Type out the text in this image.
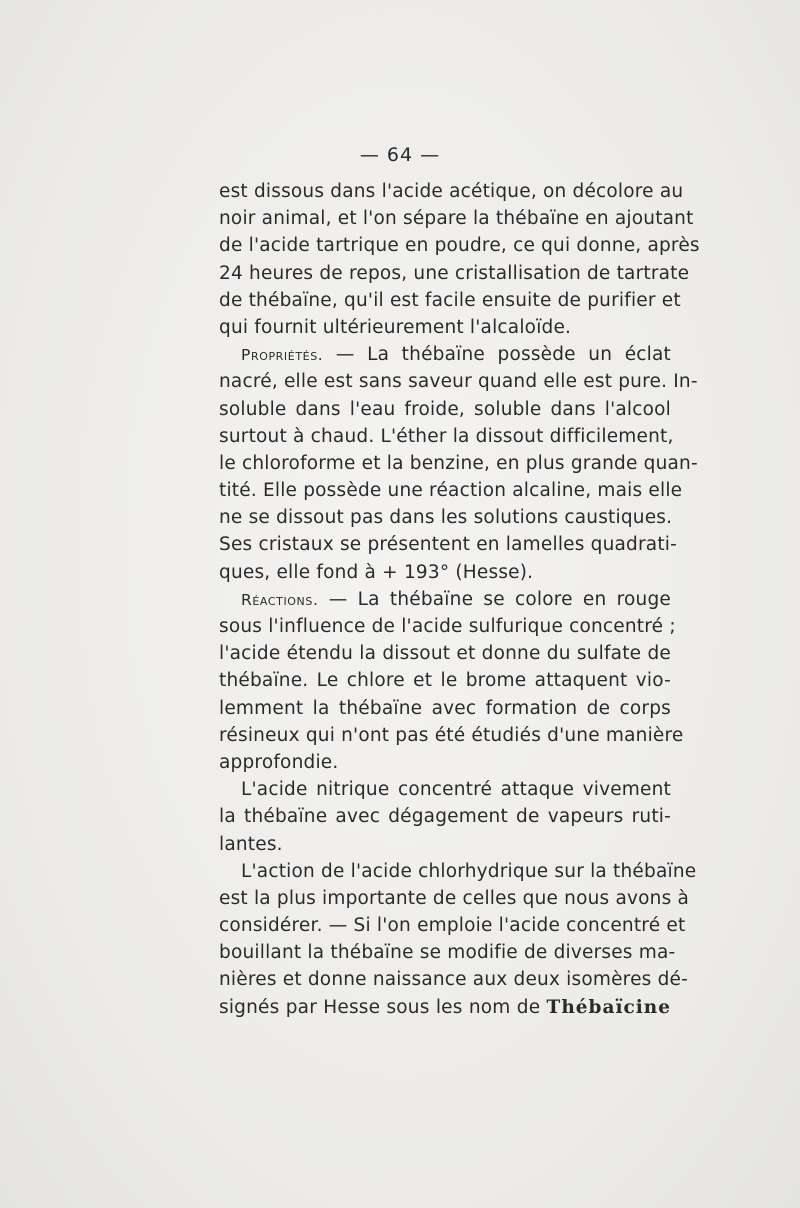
— 64 —
est dissous dans l'acide acétique, on décolore au
noir animal, et l'on sépare la thébaïne en ajoutant
de l'acide tartrique en poudre, ce qui donne, après
24 heures de repos, une cristallisation de tartrate
de thébaïne, qu'il est facile ensuite de purifier et
qui fournit ultérieurement l'alcaloïde.
Propriétés. — La thébaïne possède un éclat
nacré, elle est sans saveur quand elle est pure. In-
soluble dans l'eau froide, soluble dans l'alcool
surtout à chaud. L'éther la dissout difficilement,
le chloroforme et la benzine, en plus grande quan-
tité. Elle possède une réaction alcaline, mais elle
ne se dissout pas dans les solutions caustiques.
Ses cristaux se présentent en lamelles quadrati-
ques, elle fond à + 193° (Hesse).
Réactions. — La thébaïne se colore en rouge
sous l'influence de l'acide sulfurique concentré ;
l'acide étendu la dissout et donne du sulfate de
thébaïne. Le chlore et le brome attaquent vio-
lemment la thébaïne avec formation de corps
résineux qui n'ont pas été étudiés d'une manière
approfondie.
L'acide nitrique concentré attaque vivement
la thébaïne avec dégagement de vapeurs ruti-
lantes.
L'action de l'acide chlorhydrique sur la thébaïne
est la plus importante de celles que nous avons à
considérer. — Si l'on emploie l'acide concentré et
bouillant la thébaïne se modifie de diverses ma-
nières et donne naissance aux deux isomères dé-
signés par Hesse sous les nom de Thébaïcine
